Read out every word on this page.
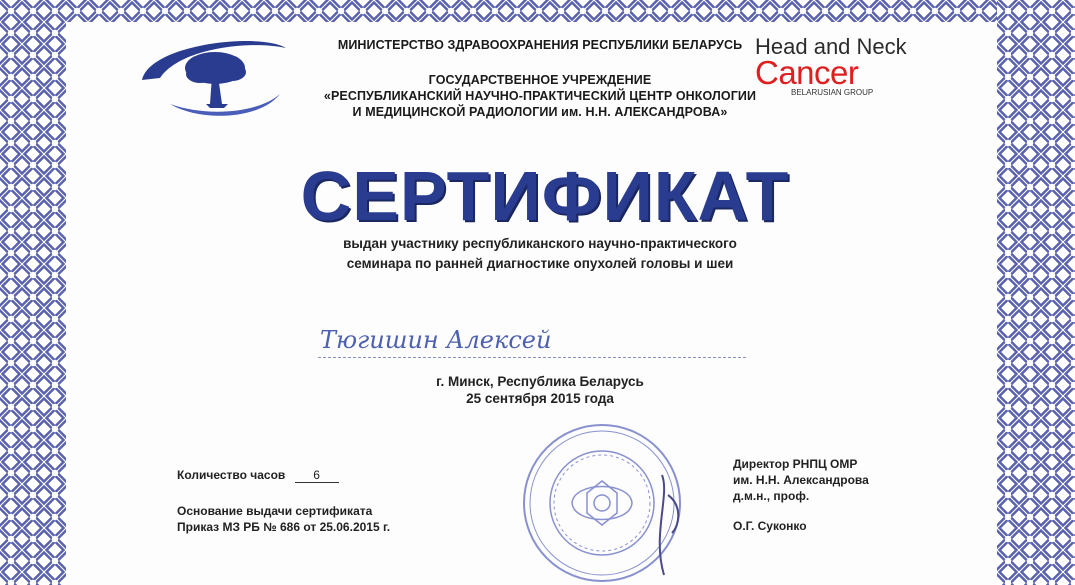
МИНИСТЕРСТВО ЗДРАВООХРАНЕНИЯ РЕСПУБЛИКИ БЕЛАРУСЬ
ГОСУДАРСТВЕННОЕ УЧРЕЖДЕНИЕ
«РЕСПУБЛИКАНСКИЙ НАУЧНО-ПРАКТИЧЕСКИЙ ЦЕНТР ОНКОЛОГИИ
И МЕДИЦИНСКОЙ РАДИОЛОГИИ им. Н.Н. АЛЕКСАНДРОВА»
Head and Neck
Cancer
BELARUSIAN GROUP
СЕРТИФИКАТ
выдан участнику республиканского научно-практического
семинара по ранней диагностике опухолей головы и шеи
Тюгишин Алексей
г. Минск, Республика Беларусь
25 сентября 2015 года
Количество часов 6
Основание выдачи сертификата
Приказ МЗ РБ № 686 от 25.06.2015 г.
Директор РНПЦ ОМР
им. Н.Н. Александрова
д.м.н., проф.
О.Г. Суконко
